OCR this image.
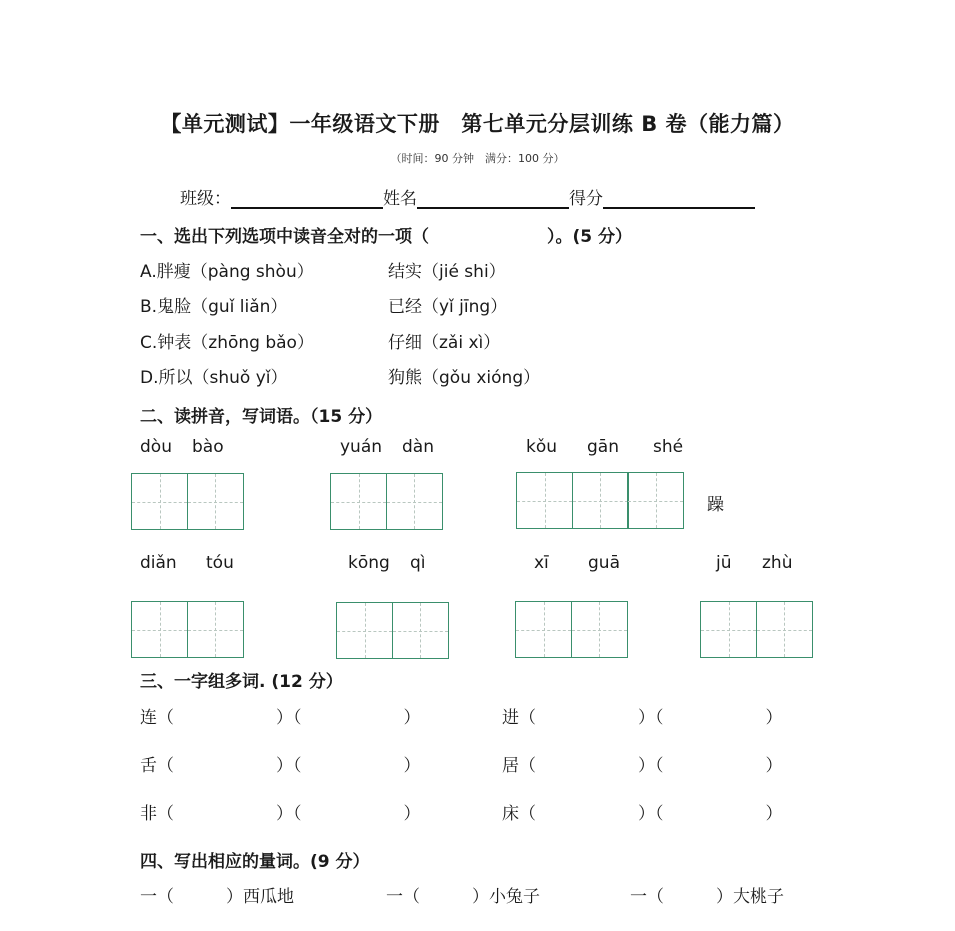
【单元测试】一年级语文下册　第七单元分层训练 B 卷（能力篇）
（时间：90 分钟　满分：100 分）
班级：	姓名	得分
一、选出下列选项中读音全对的一项（	）。(5 分）
A.胖瘦（pàng shòu）	结实（jié shi）
B.鬼脸（guǐ liǎn）	已经（yǐ jīng）
C.钟表（zhōng bǎo）	仔细（zǎi xì）
D.所以（shuǒ yǐ）	狗熊（gǒu xióng）
二、读拼音，写词语。（15 分）
dòu bào	yuán dàn	kǒu gān shé
躁
diǎn tóu	kōng qì	xī guā	jū zhù
三、一字组多词. (12 分）
连（　　　　　　）（　　　　　　）	进（　　　　　　）（　　　　　　）
舌（　　　　　　）（　　　　　　）	居（　　　　　　）（　　　　　　）
非（　　　　　　）（　　　　　　）	床（　　　　　　）（　　　　　　）
四、写出相应的量词。(9 分）
一（	）西瓜地	一（	）小兔子	一（	）大桃子
